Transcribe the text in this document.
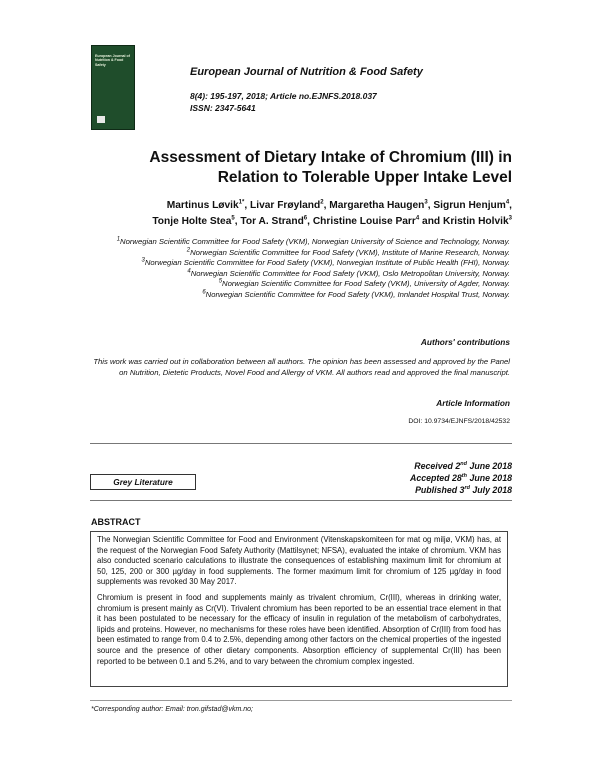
European Journal of Nutrition & Food Safety
European Journal of Nutrition & Food Safety
8(4): 195-197, 2018; Article no.EJNFS.2018.037
ISSN: 2347-5641
Assessment of Dietary Intake of Chromium (III) in
Relation to Tolerable Upper Intake Level
Martinus Løvik$^{1*}$, Livar Frøyland$^2$, Margaretha Haugen$^3$, Sigrun Henjum$^4$,
Tonje Holte Stea$^5$, Tor A. Strand$^6$, Christine Louise Parr$^4$ and Kristin Holvik$^3$
$^1$Norwegian Scientific Committee for Food Safety (VKM), Norwegian University of Science and Technology, Norway.
$^2$Norwegian Scientific Committee for Food Safety (VKM), Institute of Marine Research, Norway.
$^3$Norwegian Scientific Committee for Food Safety (VKM), Norwegian Institute of Public Health (FHI), Norway.
$^4$Norwegian Scientific Committee for Food Safety (VKM), Oslo Metropolitan University, Norway.
$^5$Norwegian Scientific Committee for Food Safety (VKM), University of Agder, Norway.
$^6$Norwegian Scientific Committee for Food Safety (VKM), Innlandet Hospital Trust, Norway.
Authors' contributions
This work was carried out in collaboration between all authors. The opinion has been assessed and approved by the Panel on Nutrition, Dietetic Products, Novel Food and Allergy of VKM. All authors read and approved the final manuscript.
Article Information
DOI: 10.9734/EJNFS/2018/42532
Received 2nd June 2018
Accepted 28th June 2018
Published 3rd July 2018
Grey Literature
ABSTRACT

The Norwegian Scientific Committee for Food and Environment (Vitenskapskomiteen for mat og miljø, VKM) has, at the request of the Norwegian Food Safety Authority (Mattilsynet; NFSA), evaluated the intake of chromium. VKM has also conducted scenario calculations to illustrate the consequences of establishing maximum limit for chromium at 50, 125, 200 or 300 µg/day in food supplements. The former maximum limit for chromium of 125 µg/day in food supplements was revoked 30 May 2017.

Chromium is present in food and supplements mainly as trivalent chromium, Cr(III), whereas in drinking water, chromium is present mainly as Cr(VI). Trivalent chromium has been reported to be an essential trace element in that it has been postulated to be necessary for the efficacy of insulin in regulation of the metabolism of carbohydrates, lipids and proteins. However, no mechanisms for these roles have been identified. Absorption of Cr(III) from food has been estimated to range from 0.4 to 2.5%, depending among other factors on the chemical properties of the ingested source and the presence of other dietary components. Absorption efficiency of supplemental Cr(III) has been reported to be between 0.1 and 5.2%, and to vary between the chromium complex ingested.

*Corresponding author: Email: tron.gifstad@vkm.no;
